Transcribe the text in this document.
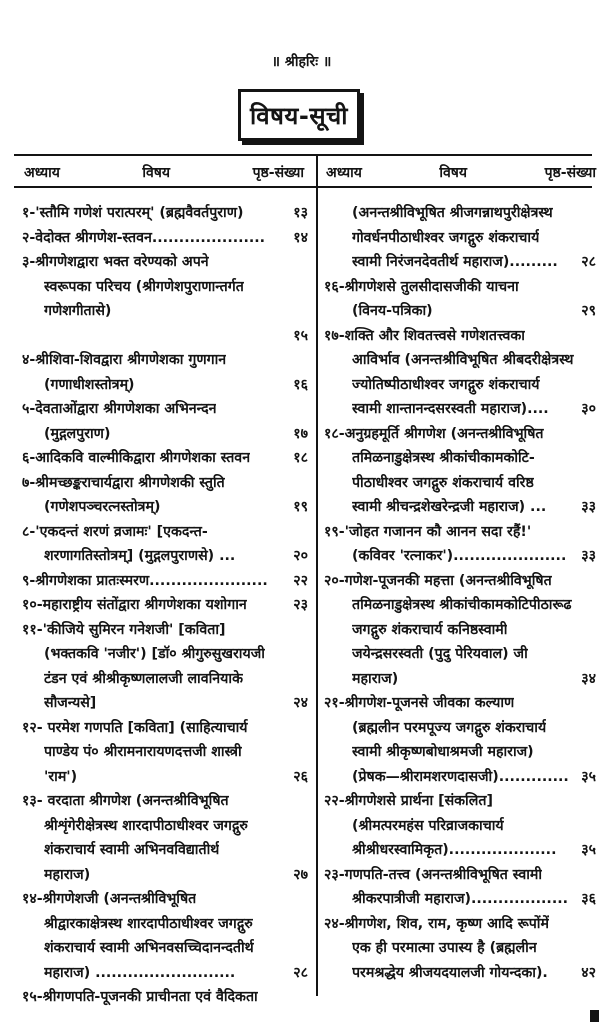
॥ श्रीहरिः ॥
विषय-सूची
अध्याय	विषय	पृष्ठ-संख्या अध्याय	विषय	पृष्ठ-संख्या
१-'स्तौमि गणेशं परात्परम्' (ब्रह्मवैवर्तपुराण)	१३
२-वेदोक्त श्रीगणेश-स्तवन..................... १४
३-श्रीगणेशद्वारा भक्त वरेण्यको अपने
स्वरूपका परिचय (श्रीगणेशपुराणान्तर्गत
गणेशगीतासे)
१५
४-श्रीशिवा-शिवद्वारा श्रीगणेशका गुणगान
(गणाधीशस्तोत्रम्)	१६
५-देवताओंद्वारा श्रीगणेशका अभिनन्दन
(मुद्गलपुराण)	१७
६-आदिकवि वाल्मीकिद्वारा श्रीगणेशका स्तवन	१८
७-श्रीमच्छङ्कराचार्यद्वारा श्रीगणेशकी स्तुति
(गणेशपञ्चरत्नस्तोत्रम्)	१९
८-'एकदन्तं शरणं व्रजामः' [एकदन्त-
शरणागतिस्तोत्रम्] (मुद्गलपुराणसे) ...	२०
९-श्रीगणेशका प्रातःस्मरण...................... २२
१०-महाराष्ट्रीय संतोंद्वारा श्रीगणेशका यशोगान	२३
११-'कीजिये सुमिरन गनेशजी' [कविता]
(भक्तकवि 'नजीर') [डॉ० श्रीगुरुसुखरायजी
टंडन एवं श्रीश्रीकृष्णलालजी लावनियाके
सौजन्यसे]	२४
१२- परमेश गणपति [कविता] (साहित्याचार्य
पाण्डेय पं० श्रीरामनारायणदत्तजी शास्त्री
'राम')	२६
१३- वरदाता श्रीगणेश (अनन्तश्रीविभूषित
श्रीशृंगेरीक्षेत्रस्थ शारदापीठाधीश्वर जगद्गुरु
शंकराचार्य स्वामी अभिनवविद्यातीर्थ
महाराज)	२७
१४-श्रीगणेशजी (अनन्तश्रीविभूषित
श्रीद्वारकाक्षेत्रस्थ शारदापीठाधीश्वर जगद्गुरु
शंकराचार्य स्वामी अभिनवसच्चिदानन्दतीर्थ
महाराज) ..........................	२८
१५-श्रीगणपति-पूजनकी प्राचीनता एवं वैदिकता
(अनन्तश्रीविभूषित श्रीजगन्नाथपुरीक्षेत्रस्थ
गोवर्धनपीठाधीश्वर जगद्गुरु शंकराचार्य
स्वामी निरंजनदेवतीर्थ महाराज)......... २८
१६-श्रीगणेशसे तुलसीदासजीकी याचना
(विनय-पत्रिका)	२९
१७-शक्ति और शिवतत्त्वसे गणेशतत्त्वका
आविर्भाव (अनन्तश्रीविभूषित श्रीबदरीक्षेत्रस्थ
ज्योतिष्पीठाधीश्वर जगद्गुरु शंकराचार्य
स्वामी शान्तानन्दसरस्वती महाराज).... ३०
१८-अनुग्रहमूर्ति श्रीगणेश (अनन्तश्रीविभूषित
तमिळनाडुक्षेत्रस्थ श्रीकांचीकामकोटि-
पीठाधीश्वर जगद्गुरु शंकराचार्य वरिष्ठ
स्वामी श्रीचन्द्रशेखरेन्द्रजी महाराज) ... ३३
१९-'जोहत गजानन कौ आनन सदा रहैं!'
(कविवर 'रत्नाकर')..................... ३३
२०-गणेश-पूजनकी महत्ता (अनन्तश्रीविभूषित
तमिळनाडुक्षेत्रस्थ श्रीकांचीकामकोटिपीठारूढ
जगद्गुरु शंकराचार्य कनिष्ठस्वामी
जयेन्द्रसरस्वती (पुदु पेरियवाल) जी
महाराज)	३४
२१-श्रीगणेश-पूजनसे जीवका कल्याण
(ब्रह्मलीन परमपूज्य जगद्गुरु शंकराचार्य
स्वामी श्रीकृष्णबोधाश्रमजी महाराज)
(प्रेषक—श्रीरामशरणदासजी)............. ३५
२२-श्रीगणेशसे प्रार्थना [संकलित]
(श्रीमत्परमहंस परिव्राजकाचार्य
श्रीश्रीधरस्वामिकृत).................... ३५
२३-गणपति-तत्त्व (अनन्तश्रीविभूषित स्वामी
श्रीकरपात्रीजी महाराज).................. ३६
२४-श्रीगणेश, शिव, राम, कृष्ण आदि रूपोंमें
एक ही परमात्मा उपास्य है (ब्रह्मलीन
परमश्रद्धेय श्रीजयदयालजी गोयन्दका). ४२
